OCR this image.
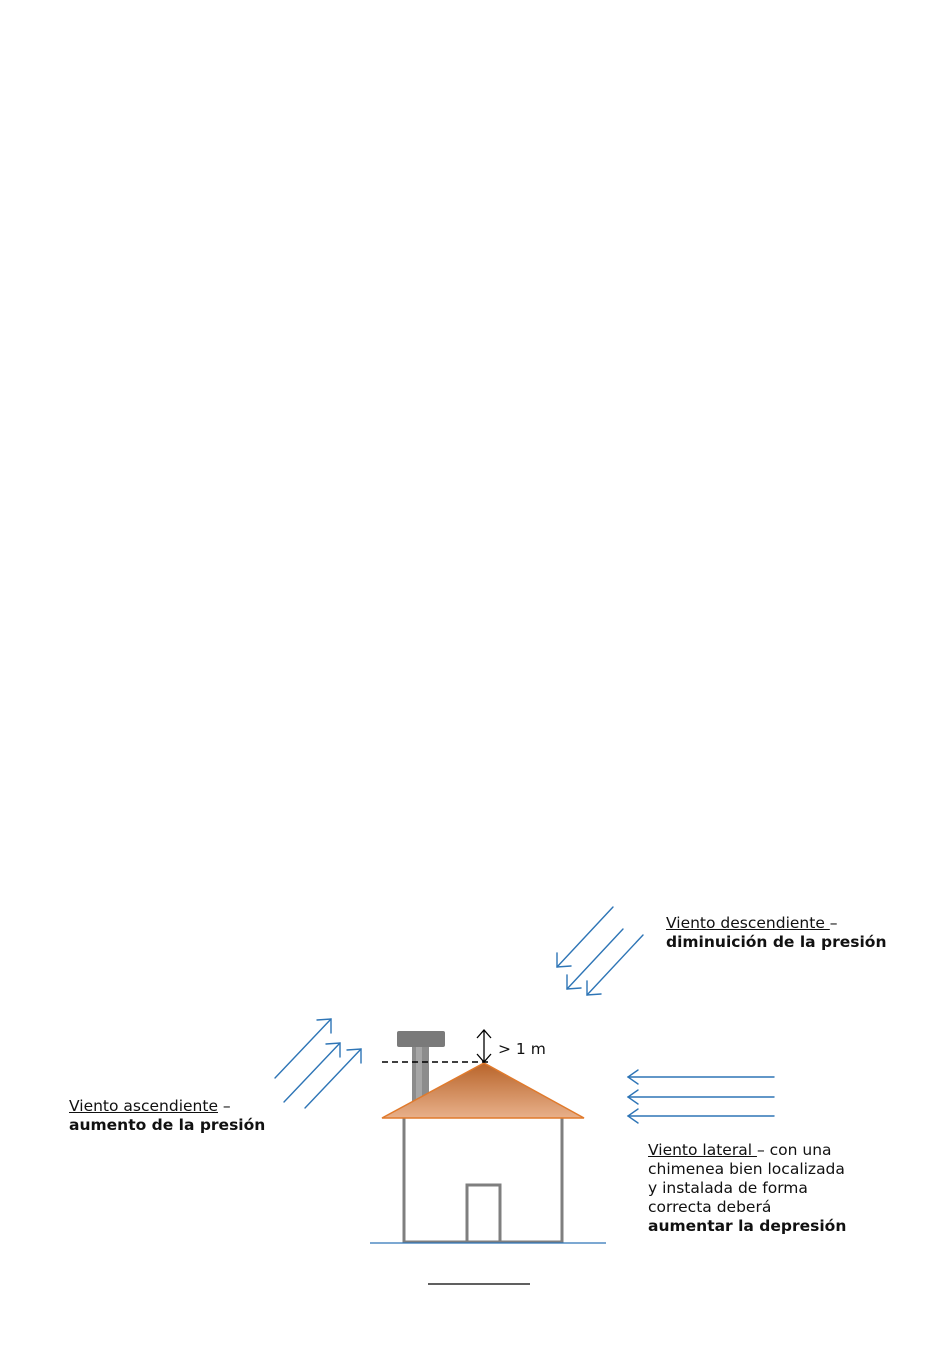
Viento descendiente –
diminuición de la presión
Viento ascendiente –
aumento de la presión
Viento lateral – con una
chimenea bien localizada
y instalada de forma
correcta deberá
aumentar la depresión
> 1 m
